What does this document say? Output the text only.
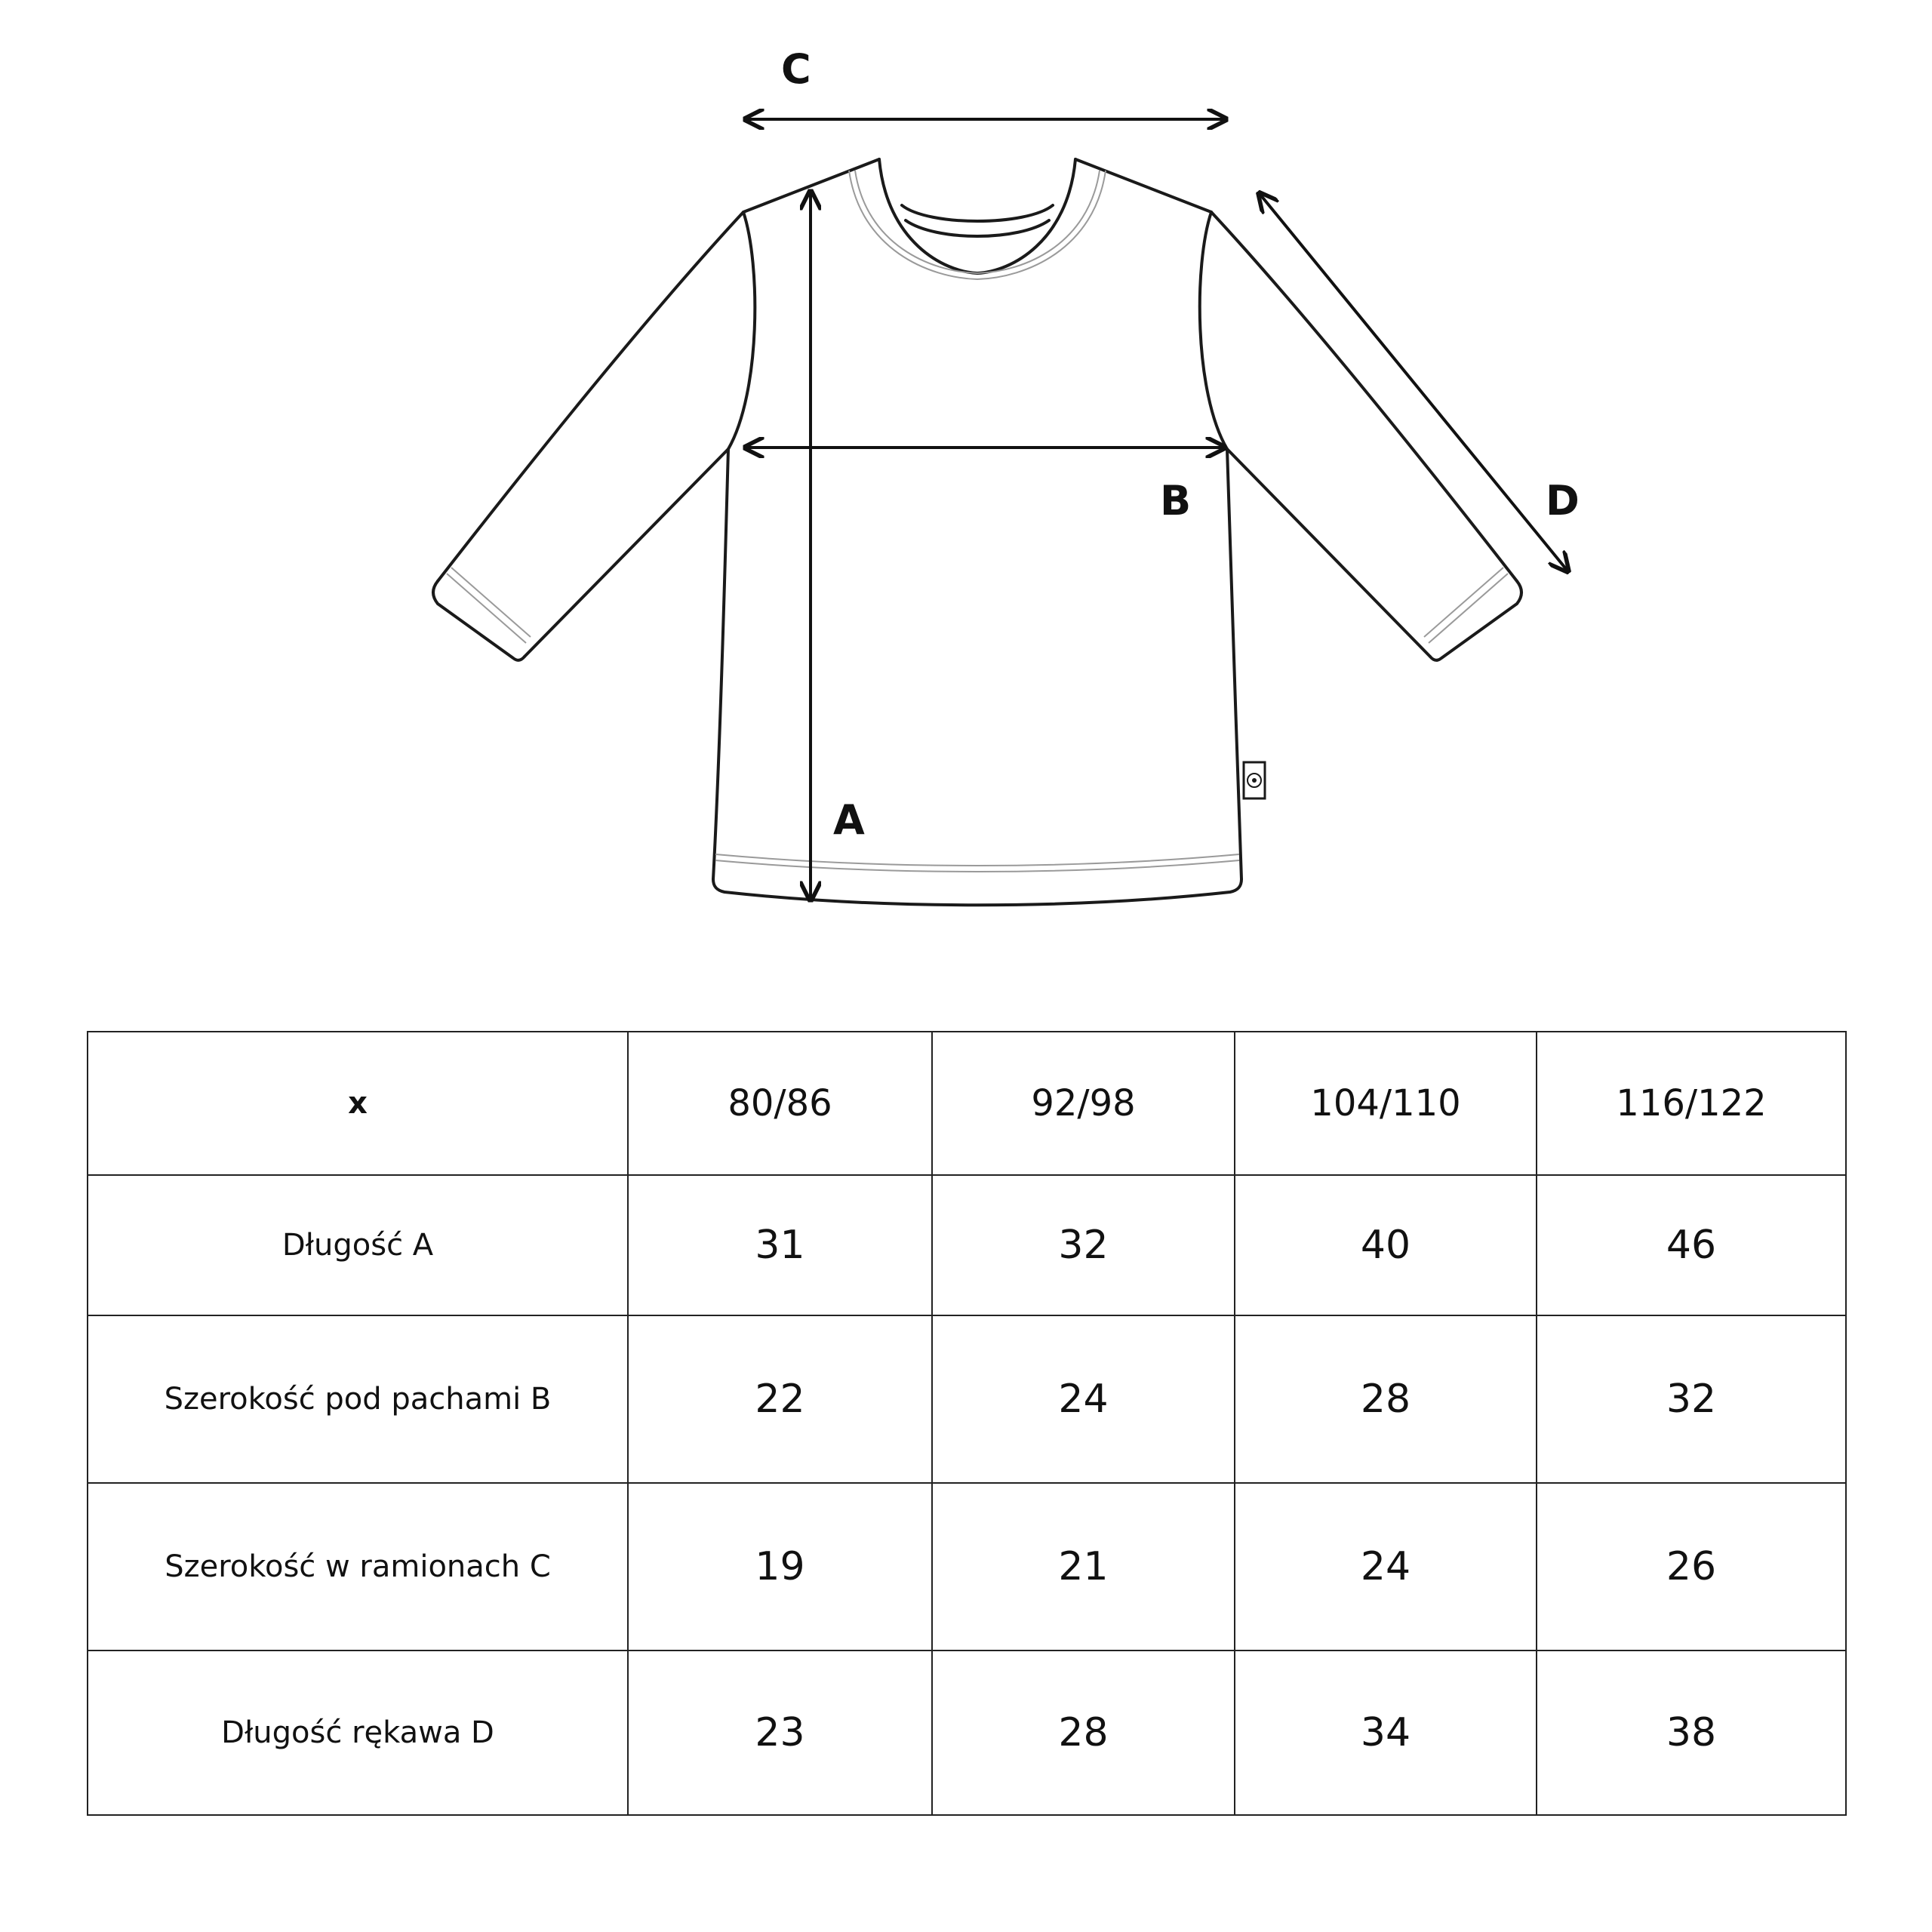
C
B	D
A
x	80/86	92/98	104/110	116/122
Długość A	31	32	40	46
Szerokość pod pachami B	22	24	28	32
Szerokość w ramionach C	19	21	24	26
Długość rękawa D	23	28	34	38
